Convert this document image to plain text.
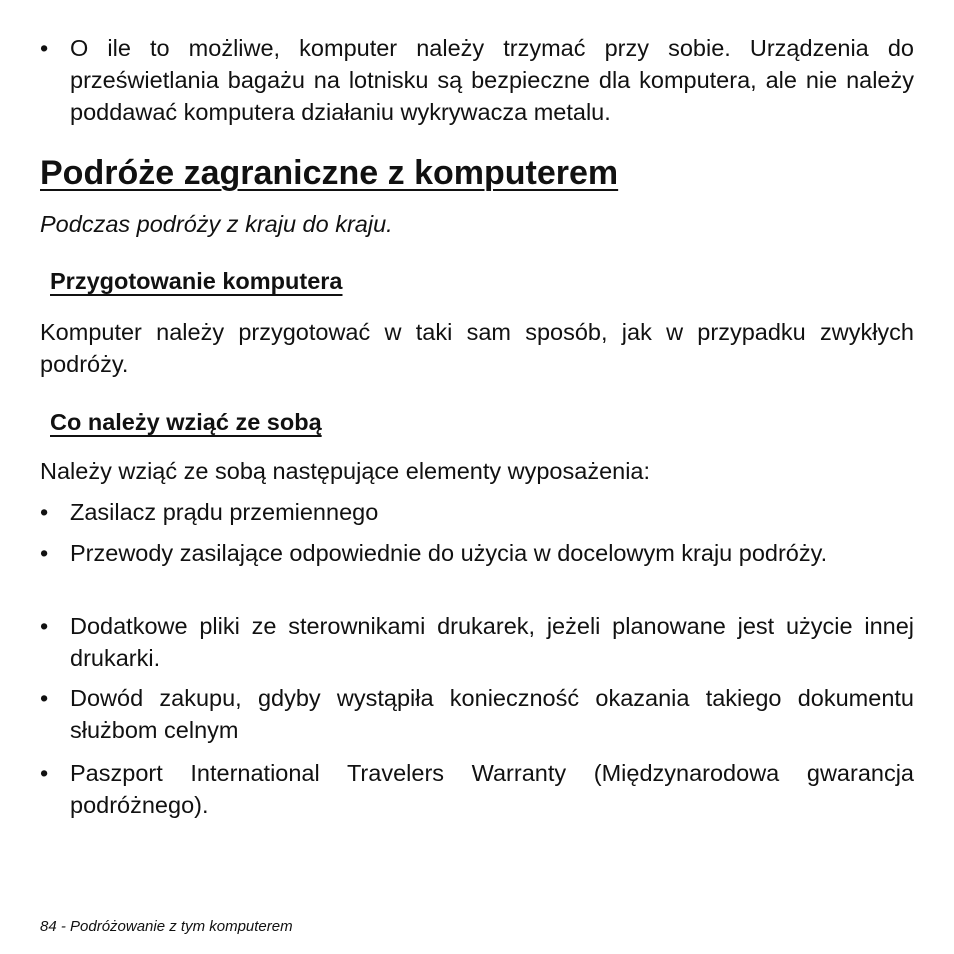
• O ile to możliwe, komputer należy trzymać przy sobie. Urządzenia do prześwietlania bagażu na lotnisku są bezpieczne dla komputera, ale nie należy poddawać komputera działaniu wykrywacza metalu.
Podróże zagraniczne z komputerem

Podczas podróży z kraju do kraju.

Przygotowanie komputera

Komputer należy przygotować w taki sam sposób, jak w przypadku zwykłych podróży.

Co należy wziąć ze sobą

Należy wziąć ze sobą następujące elementy wyposażenia:

• Zasilacz prądu przemiennego
• Przewody zasilające odpowiednie do użycia w docelowym kraju podróży.
• Dodatkowe pliki ze sterownikami drukarek, jeżeli planowane jest użycie innej drukarki.
• Dowód zakupu, gdyby wystąpiła konieczność okazania takiego dokumentu służbom celnym
• Paszport International Travelers Warranty (Międzynarodowa gwarancja podróżnego).
84 - Podróżowanie z tym komputerem
